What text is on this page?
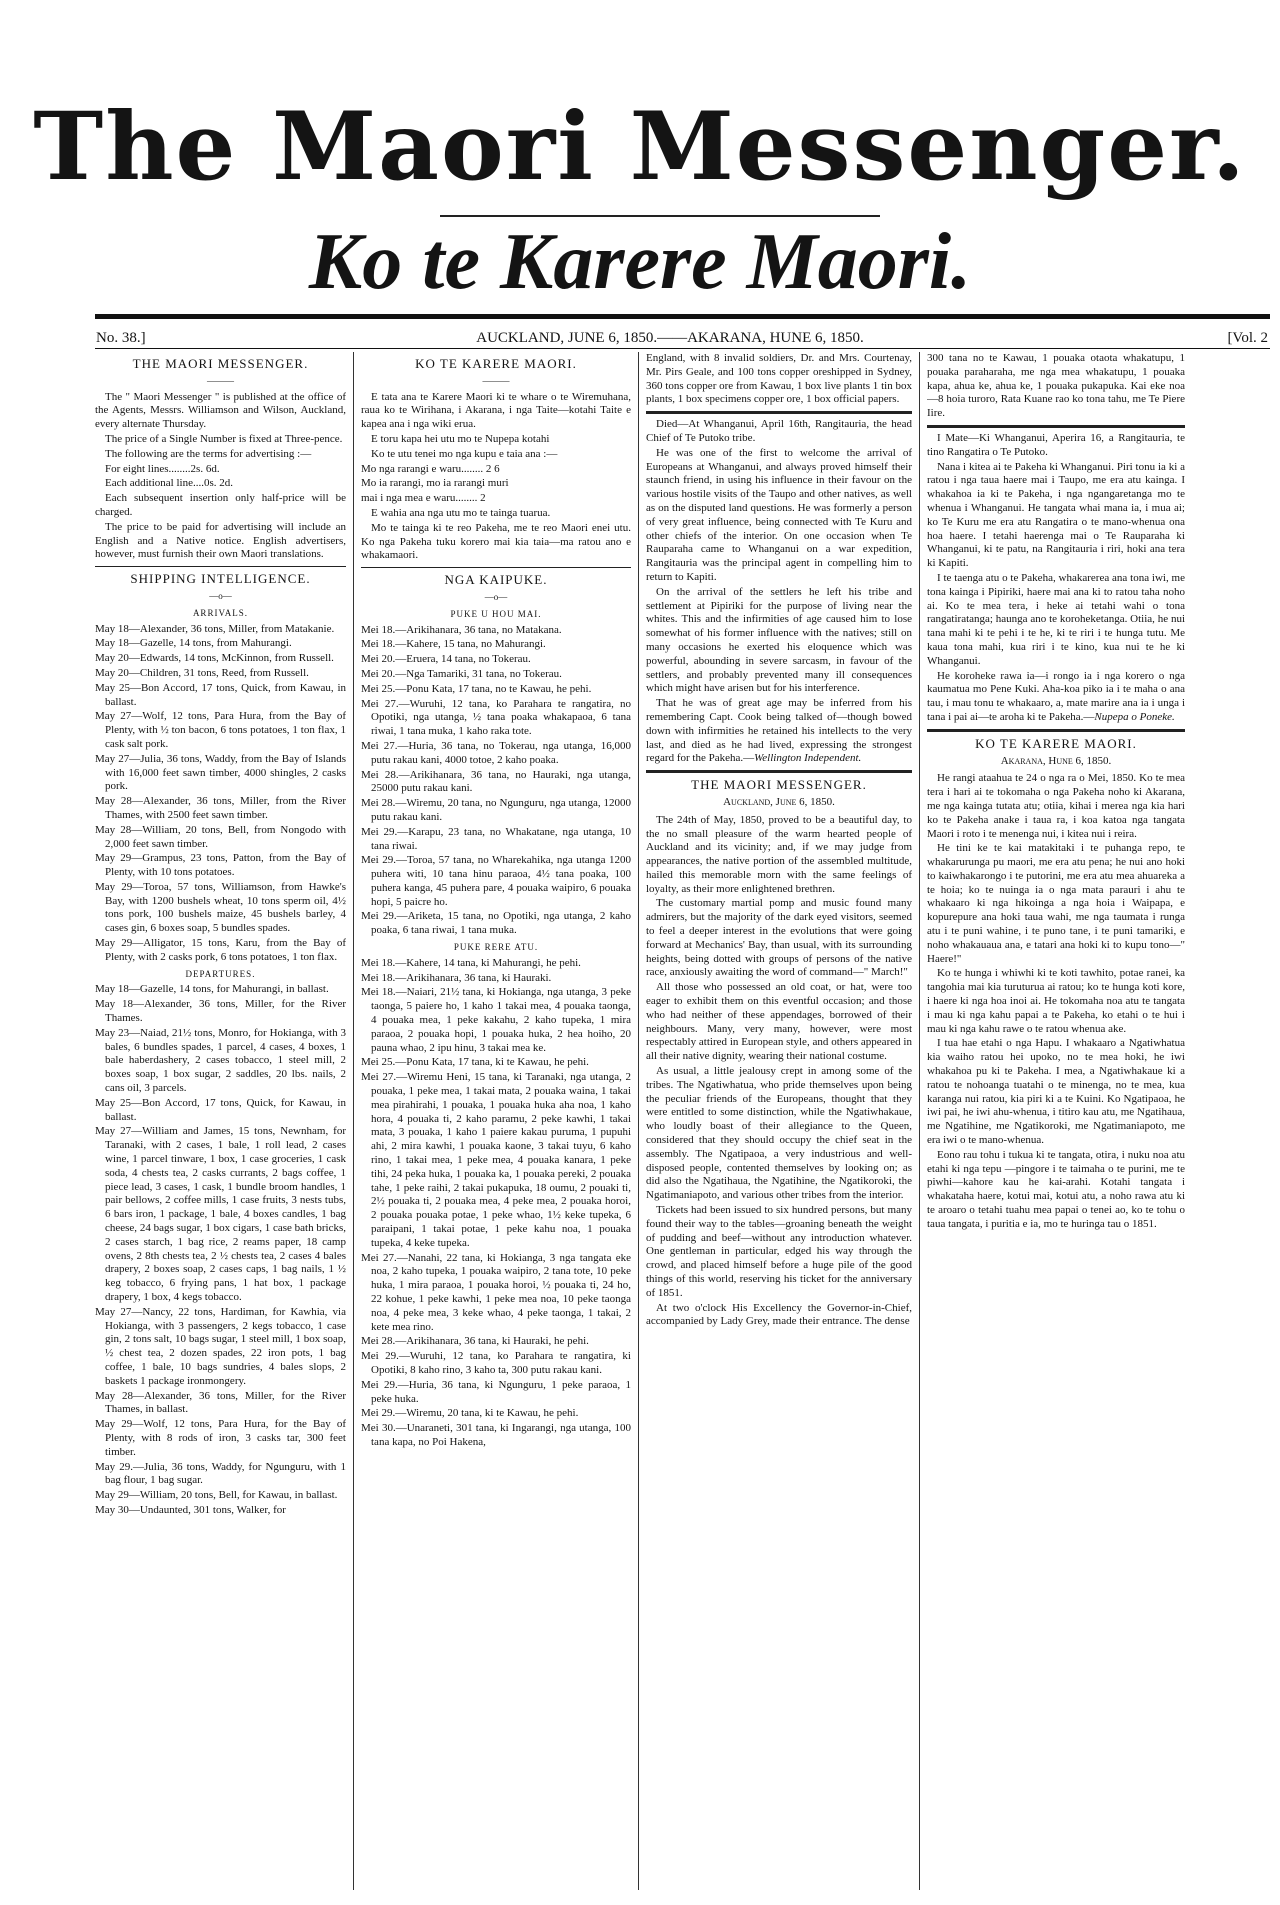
The Maori Messenger.
Ko te Karere Maori.
No. 38.]	AUCKLAND, JUNE 6, 1850.——AKARANA, HUNE 6, 1850.	[Vol. 2
THE MAORI MESSENGER.
———

The " Maori Messenger " is published at the office of the Agents, Messrs. Williamson and Wilson, Auckland, every alternate Thursday.

The price of a Single Number is fixed at Three-pence.

The following are the terms for advertising :—

For eight lines........2s. 6d.

Each additional line....0s. 2d.

Each subsequent insertion only half-price will be charged.

The price to be paid for advertising will include an English and a Native notice. English advertisers, however, must furnish their own Maori translations.

SHIPPING INTELLIGENCE.
—o—
ARRIVALS.

May 18—Alexander, 36 tons, Miller, from Matakanie.

May 18—Gazelle, 14 tons, from Mahurangi.

May 20—Edwards, 14 tons, McKinnon, from Russell.

May 20—Children, 31 tons, Reed, from Russell.

May 25—Bon Accord, 17 tons, Quick, from Kawau, in ballast.

May 27—Wolf, 12 tons, Para Hura, from the Bay of Plenty, with ½ ton bacon, 6 tons potatoes, 1 ton flax, 1 cask salt pork.

May 27—Julia, 36 tons, Waddy, from the Bay of Islands with 16,000 feet sawn timber, 4000 shingles, 2 casks pork.

May 28—Alexander, 36 tons, Miller, from the River Thames, with 2500 feet sawn timber.

May 28—William, 20 tons, Bell, from Nongodo with 2,000 feet sawn timber.

May 29—Grampus, 23 tons, Patton, from the Bay of Plenty, with 10 tons potatoes.

May 29—Toroa, 57 tons, Williamson, from Hawke's Bay, with 1200 bushels wheat, 10 tons sperm oil, 4½ tons pork, 100 bushels maize, 45 bushels barley, 4 cases gin, 6 boxes soap, 5 bundles spades.

May 29—Alligator, 15 tons, Karu, from the Bay of Plenty, with 2 casks pork, 6 tons potatoes, 1 ton flax.

DEPARTURES.

May 18—Gazelle, 14 tons, for Mahurangi, in ballast.

May 18—Alexander, 36 tons, Miller, for the River Thames.

May 23—Naiad, 21½ tons, Monro, for Hokianga, with 3 bales, 6 bundles spades, 1 parcel, 4 cases, 4 boxes, 1 bale haberdashery, 2 cases tobacco, 1 steel mill, 2 boxes soap, 1 box sugar, 2 saddles, 20 lbs. nails, 2 cans oil, 3 parcels.

May 25—Bon Accord, 17 tons, Quick, for Kawau, in ballast.

May 27—William and James, 15 tons, Newnham, for Taranaki, with 2 cases, 1 bale, 1 roll lead, 2 cases wine, 1 parcel tinware, 1 box, 1 case groceries, 1 cask soda, 4 chests tea, 2 casks currants, 2 bags coffee, 1 piece lead, 3 cases, 1 cask, 1 bundle broom handles, 1 pair bellows, 2 coffee mills, 1 case fruits, 3 nests tubs, 6 bars iron, 1 package, 1 bale, 4 boxes candles, 1 bag cheese, 24 bags sugar, 1 box cigars, 1 case bath bricks, 2 cases starch, 1 bag rice, 2 reams paper, 18 camp ovens, 2 8th chests tea, 2 ½ chests tea, 2 cases 4 bales drapery, 2 boxes soap, 2 cases caps, 1 bag nails, 1 ½ keg tobacco, 6 frying pans, 1 hat box, 1 package drapery, 1 box, 4 kegs tobacco.

May 27—Nancy, 22 tons, Hardiman, for Kawhia, via Hokianga, with 3 passengers, 2 kegs tobacco, 1 case gin, 2 tons salt, 10 bags sugar, 1 steel mill, 1 box soap, ½ chest tea, 2 dozen spades, 22 iron pots, 1 bag coffee, 1 bale, 10 bags sundries, 4 bales slops, 2 baskets 1 package ironmongery.

May 28—Alexander, 36 tons, Miller, for the River Thames, in ballast.

May 29—Wolf, 12 tons, Para Hura, for the Bay of Plenty, with 8 rods of iron, 3 casks tar, 300 feet timber.

May 29.—Julia, 36 tons, Waddy, for Ngunguru, with 1 bag flour, 1 bag sugar.

May 29—William, 20 tons, Bell, for Kawau, in ballast.

May 30—Undaunted, 301 tons, Walker, for

KO TE KARERE MAORI.
———

E tata ana te Karere Maori ki te whare o te Wiremuhana, raua ko te Wirihana, i Akarana, i nga Taite—kotahi Taite e kapea ana i nga wiki erua.

E toru kapa hei utu mo te Nupepa kotahi

Ko te utu tenei mo nga kupu e taia ana :—

Mo nga rarangi e waru........ 2 6

Mo ia rarangi, mo ia rarangi muri

mai i nga mea e waru........ 2

E wahia ana nga utu mo te tainga tuarua.

Mo te tainga ki te reo Pakeha, me te reo Maori enei utu. Ko nga Pakeha tuku korero mai kia taia—ma ratou ano e whakamaori.

NGA KAIPUKE.
—o—
PUKE U HOU MAI.

Mei 18.—Arikihanara, 36 tana, no Matakana.

Mei 18.—Kahere, 15 tana, no Mahurangi.

Mei 20.—Eruera, 14 tana, no Tokerau.

Mei 20.—Nga Tamariki, 31 tana, no Tokerau.

Mei 25.—Ponu Kata, 17 tana, no te Kawau, he pehi.

Mei 27.—Wuruhi, 12 tana, ko Parahara te rangatira, no Opotiki, nga utanga, ½ tana poaka whakapaoa, 6 tana riwai, 1 tana muka, 1 kaho raka totе.

Mei 27.—Huria, 36 tana, no Tokerau, nga utanga, 16,000 putu rakau kani, 4000 totoe, 2 kaho poaka.

Mei 28.—Arikihanara, 36 tana, no Hauraki, nga utanga, 25000 putu rakau kani.

Mei 28.—Wiremu, 20 tana, no Ngunguru, nga utanga, 12000 putu rakau kani.

Mei 29.—Karapu, 23 tana, no Whakatane, nga utanga, 10 tana riwai.

Mei 29.—Toroa, 57 tana, no Wharekahika, nga utanga 1200 puhera witi, 10 tana hinu paraoa, 4½ tana poaka, 100 puhera kanga, 45 puhera pare, 4 pouaka waipiro, 6 pouaka hopi, 5 paicre ho.

Mei 29.—Ariketa, 15 tana, no Opotiki, nga utanga, 2 kaho poaka, 6 tana riwai, 1 tana muka.

PUKE RERE ATU.

Mei 18.—Kahere, 14 tana, ki Mahurangi, he pehi.

Mei 18.—Arikihanara, 36 tana, ki Hauraki.

Mei 18.—Naiari, 21½ tana, ki Hokianga, nga utanga, 3 peke taonga, 5 paiere ho, 1 kaho 1 takai mea, 4 pouaka taonga, 4 pouaka mea, 1 peke kakahu, 2 kaho tupeka, 1 mira paraoa, 2 pouaka hopi, 1 pouaka huka, 2 hea hoiho, 20 pauna whao, 2 ipu hinu, 3 takai mea ke.

Mei 25.—Ponu Kata, 17 tana, ki te Kawau, he pehi.

Mei 27.—Wiremu Heni, 15 tana, ki Taranaki, nga utanga, 2 pouaka, 1 peke mea, 1 takai mata, 2 pouaka waina, 1 takai mea pirahirahi, 1 pouaka, 1 pouaka huka aha noa, 1 kaho hora, 4 pouaka ti, 2 kaho paramu, 2 peke kawhi, 1 takai mata, 3 pouaka, 1 kaho 1 paiere kakau puruma, 1 pupuhi ahi, 2 mira kawhi, 1 pouaka kaone, 3 takai tuyu, 6 kaho rino, 1 takai mea, 1 peke mea, 4 pouaka kanara, 1 peke tihi, 24 peka huka, 1 pouaka ka, 1 pouaka pereki, 2 pouaka tahe, 1 peke raihi, 2 takai pukapuka, 18 oumu, 2 pouaki ti, 2½ pouaka ti, 2 pouaka mea, 4 peke mea, 2 pouaka horoi, 2 pouaka pouaka potae, 1 peke whao, 1½ keke tupeka, 6 paraipani, 1 takai potae, 1 peke kahu noa, 1 pouaka tupeka, 4 keke tupeka.

Mei 27.—Nanahi, 22 tana, ki Hokianga, 3 nga tangata eke noa, 2 kaho tupeka, 1 pouaka waipiro, 2 tana tote, 10 peke huka, 1 mira paraoa, 1 pouaka horoi, ½ pouaka ti, 24 ho, 22 kohue, 1 peke kawhi, 1 peke mea noa, 10 peke taonga noa, 4 peke mea, 3 keke whao, 4 peke taonga, 1 takai, 2 kete mea rino.

Mei 28.—Arikihanara, 36 tana, ki Hauraki, he pehi.

Mei 29.—Wuruhi, 12 tana, ko Parahara te rangatira, ki Opotiki, 8 kaho rino, 3 kaho ta, 300 putu rakau kani.

Mei 29.—Huria, 36 tana, ki Ngunguru, 1 peke paraoa, 1 peke huka.

Mei 29.—Wiremu, 20 tana, ki te Kawau, he pehi.

Mei 30.—Unaraneti, 301 tana, ki Ingarangi, nga utanga, 100 tana kapa, no Poi Hakena,

England, with 8 invalid soldiers, Dr. and Mrs. Courtenay, Mr. Pirs Geale, and 100 tons copper oreshipped in Sydney, 360 tons copper ore from Kawau, 1 box live plants 1 tin box plants, 1 box specimens copper ore, 1 box official papers.

Died—At Whanganui, April 16th, Rangitauria, the head Chief of Te Putoko tribe.

He was one of the first to welcome the arrival of Europeans at Whanganui, and always proved himself their staunch friend, in using his influence in their favour on the various hostile visits of the Taupo and other natives, as well as on the disputed land questions. He was formerly a person of very great influence, being connected with Te Kuru and other chiefs of the interior. On one occasion when Te Rauparaha came to Whanganui on a war expedition, Rangitauria was the principal agent in compelling him to return to Kapiti.

On the arrival of the settlers he left his tribe and settlement at Pipiriki for the purpose of living near the whites. This and the infirmities of age caused him to lose somewhat of his former influence with the natives; still on many occasions he exerted his eloquence which was powerful, abounding in severe sarcasm, in favour of the settlers, and probably prevented many ill consequences which might have arisen but for his interference.

That he was of great age may be inferred from his remembering Capt. Cook being talked of—though bowed down with infirmities he retained his intellects to the very last, and died as he had lived, expressing the strongest regard for the Pakeha.—Wellington Independent.

THE MAORI MESSENGER.
Auckland, June 6, 1850.

The 24th of May, 1850, proved to be a beautiful day, to the no small pleasure of the warm hearted people of Auckland and its vicinity; and, if we may judge from appearances, the native portion of the assembled multitude, hailed this memorable morn with the same feelings of loyalty, as their more enlightened brethren.

The customary martial pomp and music found many admirers, but the majority of the dark eyed visitors, seemed to feel a deeper interest in the evolutions that were going forward at Mechanics' Bay, than usual, with its surrounding heights, being dotted with groups of persons of the native race, anxiously awaiting the word of command—" March!"

All those who possessed an old coat, or hat, were too eager to exhibit them on this eventful occasion; and those who had neither of these appendages, borrowed of their neighbours. Many, very many, however, were most respectably attired in European style, and others appeared in all their native dignity, wearing their national costume.

As usual, a little jealousy crept in among some of the tribes. The Ngatiwhatua, who pride themselves upon being the peculiar friends of the Europeans, thought that they were entitled to some distinction, while the Ngatiwhakaue, who loudly boast of their allegiance to the Queen, considered that they should occupy the chief seat in the assembly. The Ngatipaoa, a very industrious and well-disposed people, contented themselves by looking on; as did also the Ngatihaua, the Ngatihine, the Ngatikoroki, the Ngatimaniapoto, and various other tribes from the interior.

Tickets had been issued to six hundred persons, but many found their way to the tables—groaning beneath the weight of pudding and beef—without any introduction whatever. One gentleman in particular, edged his way through the crowd, and placed himself before a huge pile of the good things of this world, reserving his ticket for the anniversary of 1851.

At two o'clock His Excellency the Governor-in-Chief, accompanied by Lady Grey, made their entrance. The dense

300 tana no te Kawau, 1 pouaka otaota whakatupu, 1 pouaka paraharaha, me nga mea whakatupu, 1 pouaka kapa, ahua ke, ahua ke, 1 pouaka pukapuka. Kai eke noa—8 hoia turoro, Rata Kuane rao ko tona tahu, me Te Piere Iire.

I Mate—Ki Whanganui, Aperira 16, a Rangitauria, te tino Rangatira o Te Putoko.

Nana i kitea ai te Pakeha ki Whanganui. Piri tonu ia ki a ratou i nga taua haere mai i Taupo, me era atu kainga. I whakahoa ia ki te Pakeha, i nga ngangaretanga mo te whenua i Whanganui. He tangata whai mana ia, i mua ai; ko Te Kuru me era atu Rangatira o te mano-whenua ona hoa haere. I tetahi haerenga mai o Te Rauparaha ki Whanganui, ki te patu, na Rangitauria i riri, hoki ana tera ki Kapiti.

I te taenga atu o te Pakeha, whakarerea ana tona iwi, me tona kainga i Pipiriki, haere mai ana ki to ratou taha noho ai. Ko te mea tera, i heke ai tetahi wahi o tona rangatiratanga; haunga ano te koroheketanga. Otiia, he nui tana mahi ki te pehi i te he, ki te riri i te hunga tutu. Me kaua tona mahi, kua riri i te kino, kua nui te he ki Whanganui.

He koroheke rawa ia—i rongo ia i nga korero o nga kaumatua mo Pene Kuki. Aha-koa piko ia i te maha o ana tau, i mau tonu te whakaaro, a, mate marire ana ia i unga i tana i pai ai—te aroha ki te Pakeha.—Nupepa o Poneke.

KO TE KARERE MAORI.
Akarana, Hune 6, 1850.

He rangi ataahua te 24 o nga ra o Mei, 1850. Ko te mea tera i hari ai te tokomaha o nga Pakeha noho ki Akarana, me nga kainga tutata atu; otiia, kihai i merea nga kia hari ko te Pakeha anake i taua ra, i koa katoa nga tangata Maori i roto i te menenga nui, i kitea nui i reira.

He tini ke te kai matakitaki i te puhanga repo, te whakarurunga pu maori, me era atu pena; he nui ano hoki to kaiwhakarongo i te putorini, me era atu mea ahuareka a te hoia; ko te nuinga ia o nga mata parauri i ahu te whakaaro ki nga hikoinga a nga hoia i Waipapa, e kopurepure ana hoki taua wahi, me nga taumata i runga atu i te puni wahine, i te puno tane, i te puni tamariki, e noho whakauaua ana, e tatari ana hoki ki to kupu tono—" Haere!"

Ko te hunga i whiwhi ki te koti tawhito, potae ranei, ka tangohia mai kia turuturua ai ratou; ko te hunga koti kore, i haere ki nga hoa inoi ai. He tokomaha noa atu te tangata i mau ki nga kahu papai a te Pakeha, ko etahi o te hui i mau ki nga kahu rawe o te ratou whenua ake.

I tua hae etahi o nga Hapu. I whakaaro a Ngatiwhatua kia waiho ratou hei upoko, no te mea hoki, he iwi whakahoa pu ki te Pakeha. I mea, a Ngatiwhakaue ki a ratou te nohoanga tuatahi o te minenga, no te mea, kua karanga nui ratou, kia piri ki a te Kuini. Ko Ngatipaoa, he iwi pai, he iwi ahu-whenua, i titiro kau atu, me Ngatihaua, me Ngatihine, me Ngatikoroki, me Ngatimaniapoto, me era iwi o te mano-whenua.

Eono rau tohu i tukua ki te tangata, otira, i nuku noa atu etahi ki nga tepu —pingore i te taimaha o te purini, me te piwhi—kahore kau he kai-arahi. Kotahi tangata i whakataha haere, kotui mai, kotui atu, a noho rawa atu ki te aroaro o tetahi tuahu mea papai o tenei ao, ko te tohu o taua tangata, i puritia e ia, mo te huringa tau o 1851.
